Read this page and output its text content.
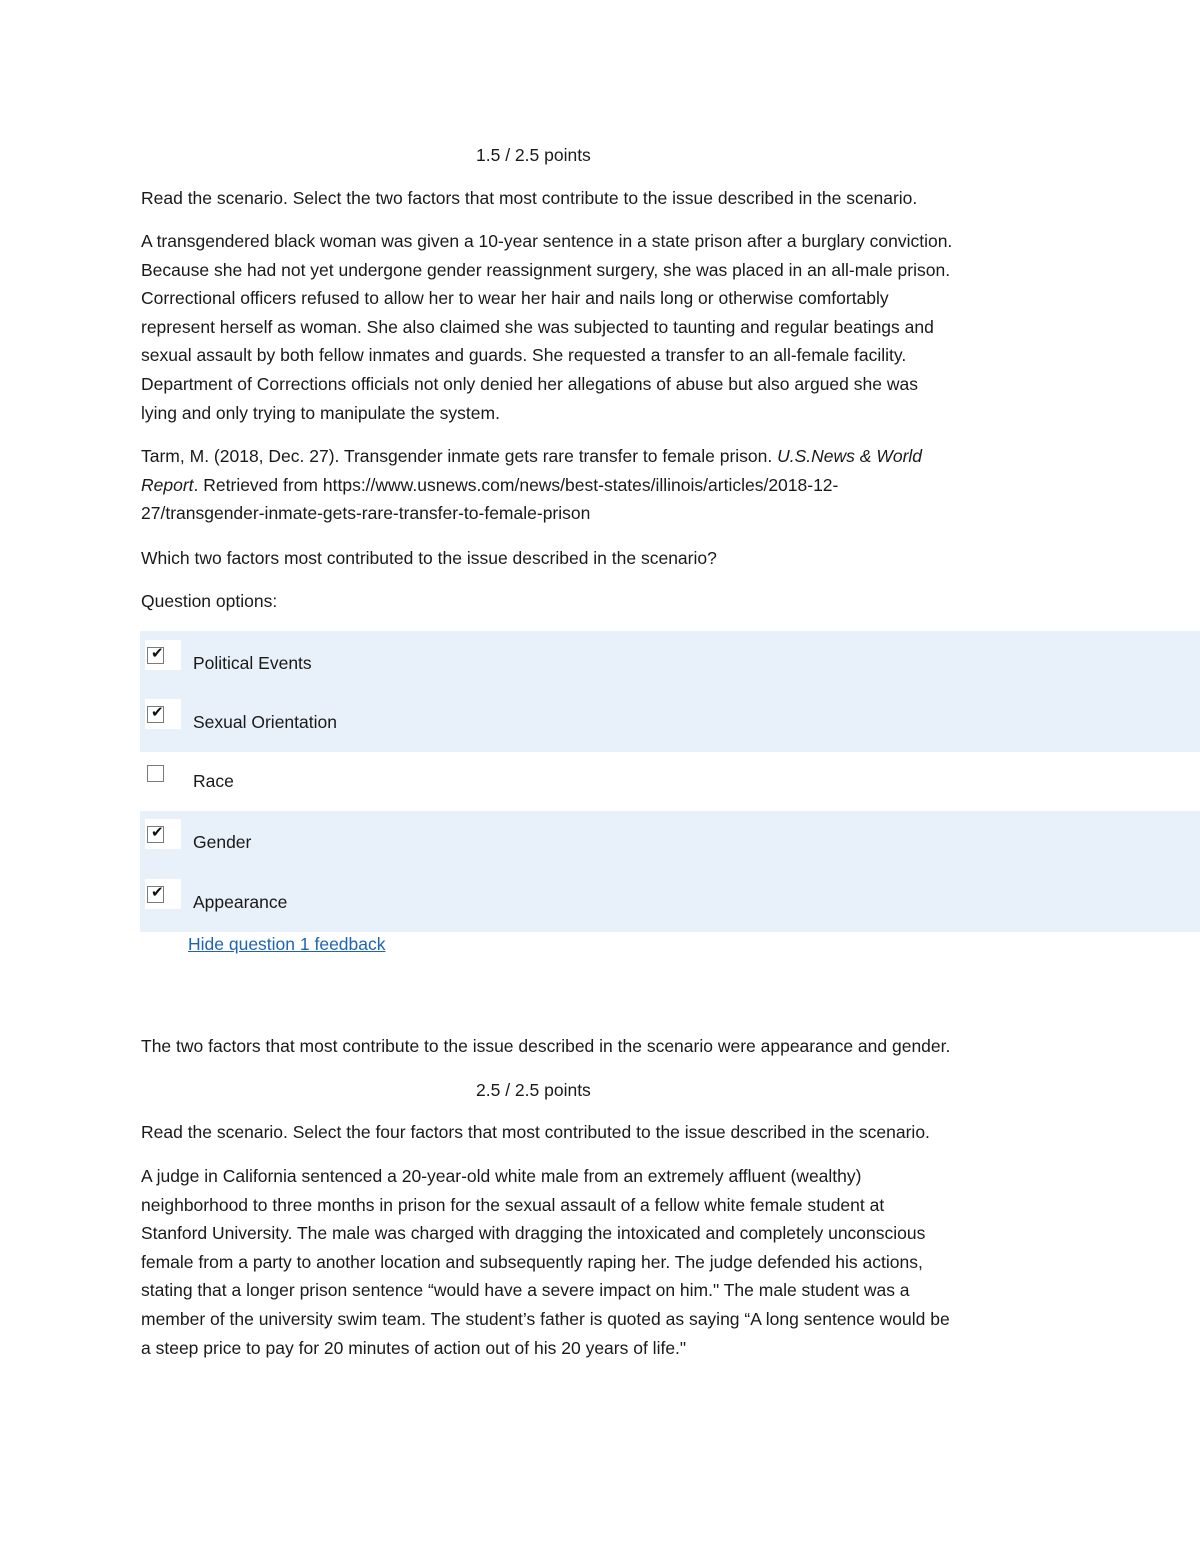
1.5 / 2.5 points
Read the scenario. Select the two factors that most contribute to the issue described in the scenario.
A transgendered black woman was given a 10-year sentence in a state prison after a burglary conviction.
Because she had not yet undergone gender reassignment surgery, she was placed in an all-male prison.
Correctional officers refused to allow her to wear her hair and nails long or otherwise comfortably
represent herself as woman. She also claimed she was subjected to taunting and regular beatings and
sexual assault by both fellow inmates and guards. She requested a transfer to an all-female facility.
Department of Corrections officials not only denied her allegations of abuse but also argued she was
lying and only trying to manipulate the system.
Tarm, M. (2018, Dec. 27). Transgender inmate gets rare transfer to female prison. U.S.News & World
Report. Retrieved from https://www.usnews.com/news/best-states/illinois/articles/2018-12-
27/transgender-inmate-gets-rare-transfer-to-female-prison
Which two factors most contributed to the issue described in the scenario?
Question options:
✔ Political Events
✔ Sexual Orientation
Race
✔ Gender
✔ Appearance
Hide question 1 feedback
The two factors that most contribute to the issue described in the scenario were appearance and gender.
2.5 / 2.5 points
Read the scenario. Select the four factors that most contributed to the issue described in the scenario.
A judge in California sentenced a 20-year-old white male from an extremely affluent (wealthy)
neighborhood to three months in prison for the sexual assault of a fellow white female student at
Stanford University. The male was charged with dragging the intoxicated and completely unconscious
female from a party to another location and subsequently raping her. The judge defended his actions,
stating that a longer prison sentence “would have a severe impact on him." The male student was a
member of the university swim team. The student’s father is quoted as saying “A long sentence would be
a steep price to pay for 20 minutes of action out of his 20 years of life."
